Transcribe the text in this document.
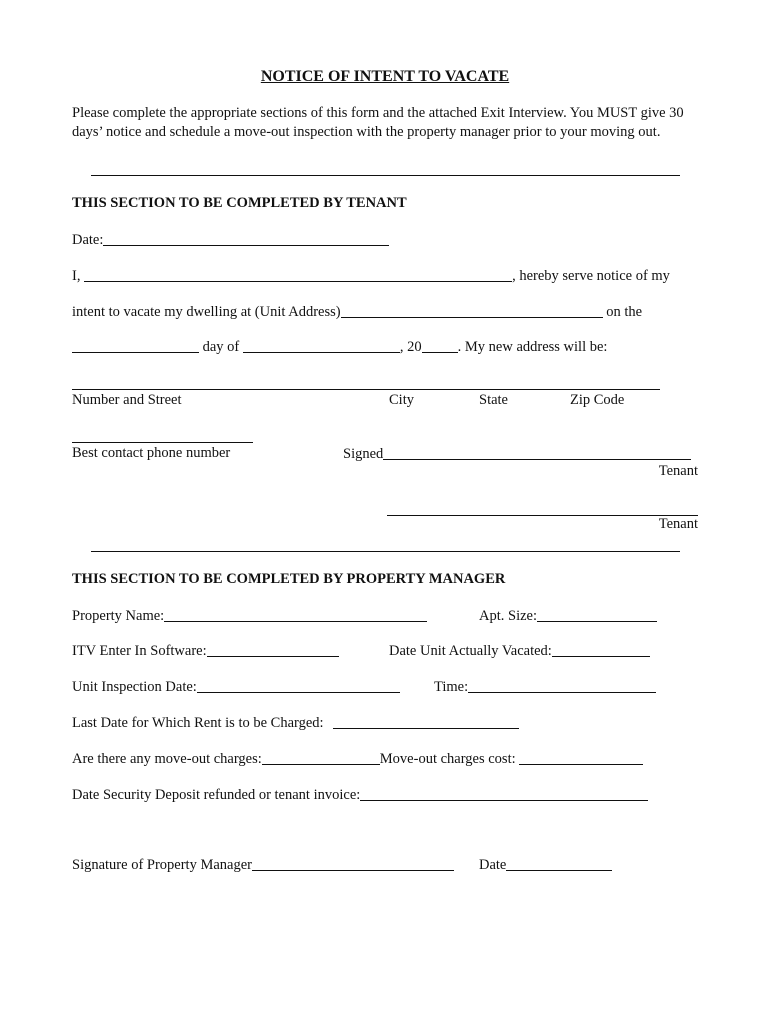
NOTICE OF INTENT TO VACATE
Please complete the appropriate sections of this form and the attached Exit Interview. You MUST give 30 days’ notice and schedule a move-out inspection with the property manager prior to your moving out.
THIS SECTION TO BE COMPLETED BY TENANT
Date:
I,	, hereby serve notice of my
intent to vacate my dwelling at (Unit Address)	on the
day of	, 20 . My new address will be:
Number and Street	City	State	Zip Code
Best contact phone number	Signed
Tenant
Tenant
THIS SECTION TO BE COMPLETED BY PROPERTY MANAGER
Property Name:	Apt. Size:
ITV Enter In Software:	Date Unit Actually Vacated:
Unit Inspection Date:	Time:
Last Date for Which Rent is to be Charged:
Are there any move-out charges:	Move-out charges cost:
Date Security Deposit refunded or tenant invoice:
Signature of Property Manager	Date
